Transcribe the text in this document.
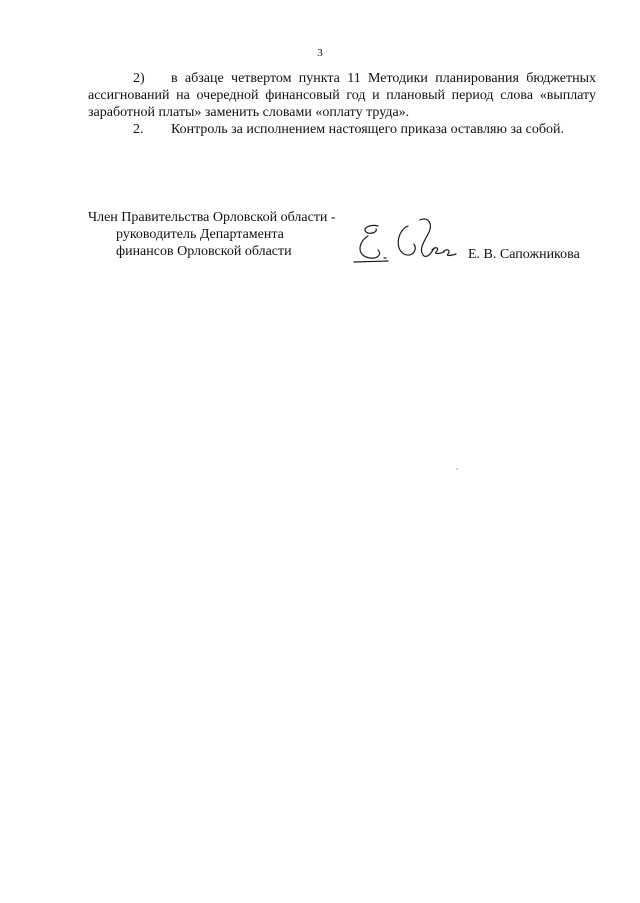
3

2) в абзаце четвертом пункта 11 Методики планирования бюджетных ассигнований на очередной финансовый год и плановый период слова «выплату заработной платы» заменить словами «оплату труда».

2. Контроль за исполнением настоящего приказа оставляю за собой.

Член Правительства Орловской области -
руководитель Департамента
финансов Орловской области	Е. В. Сапожникова
